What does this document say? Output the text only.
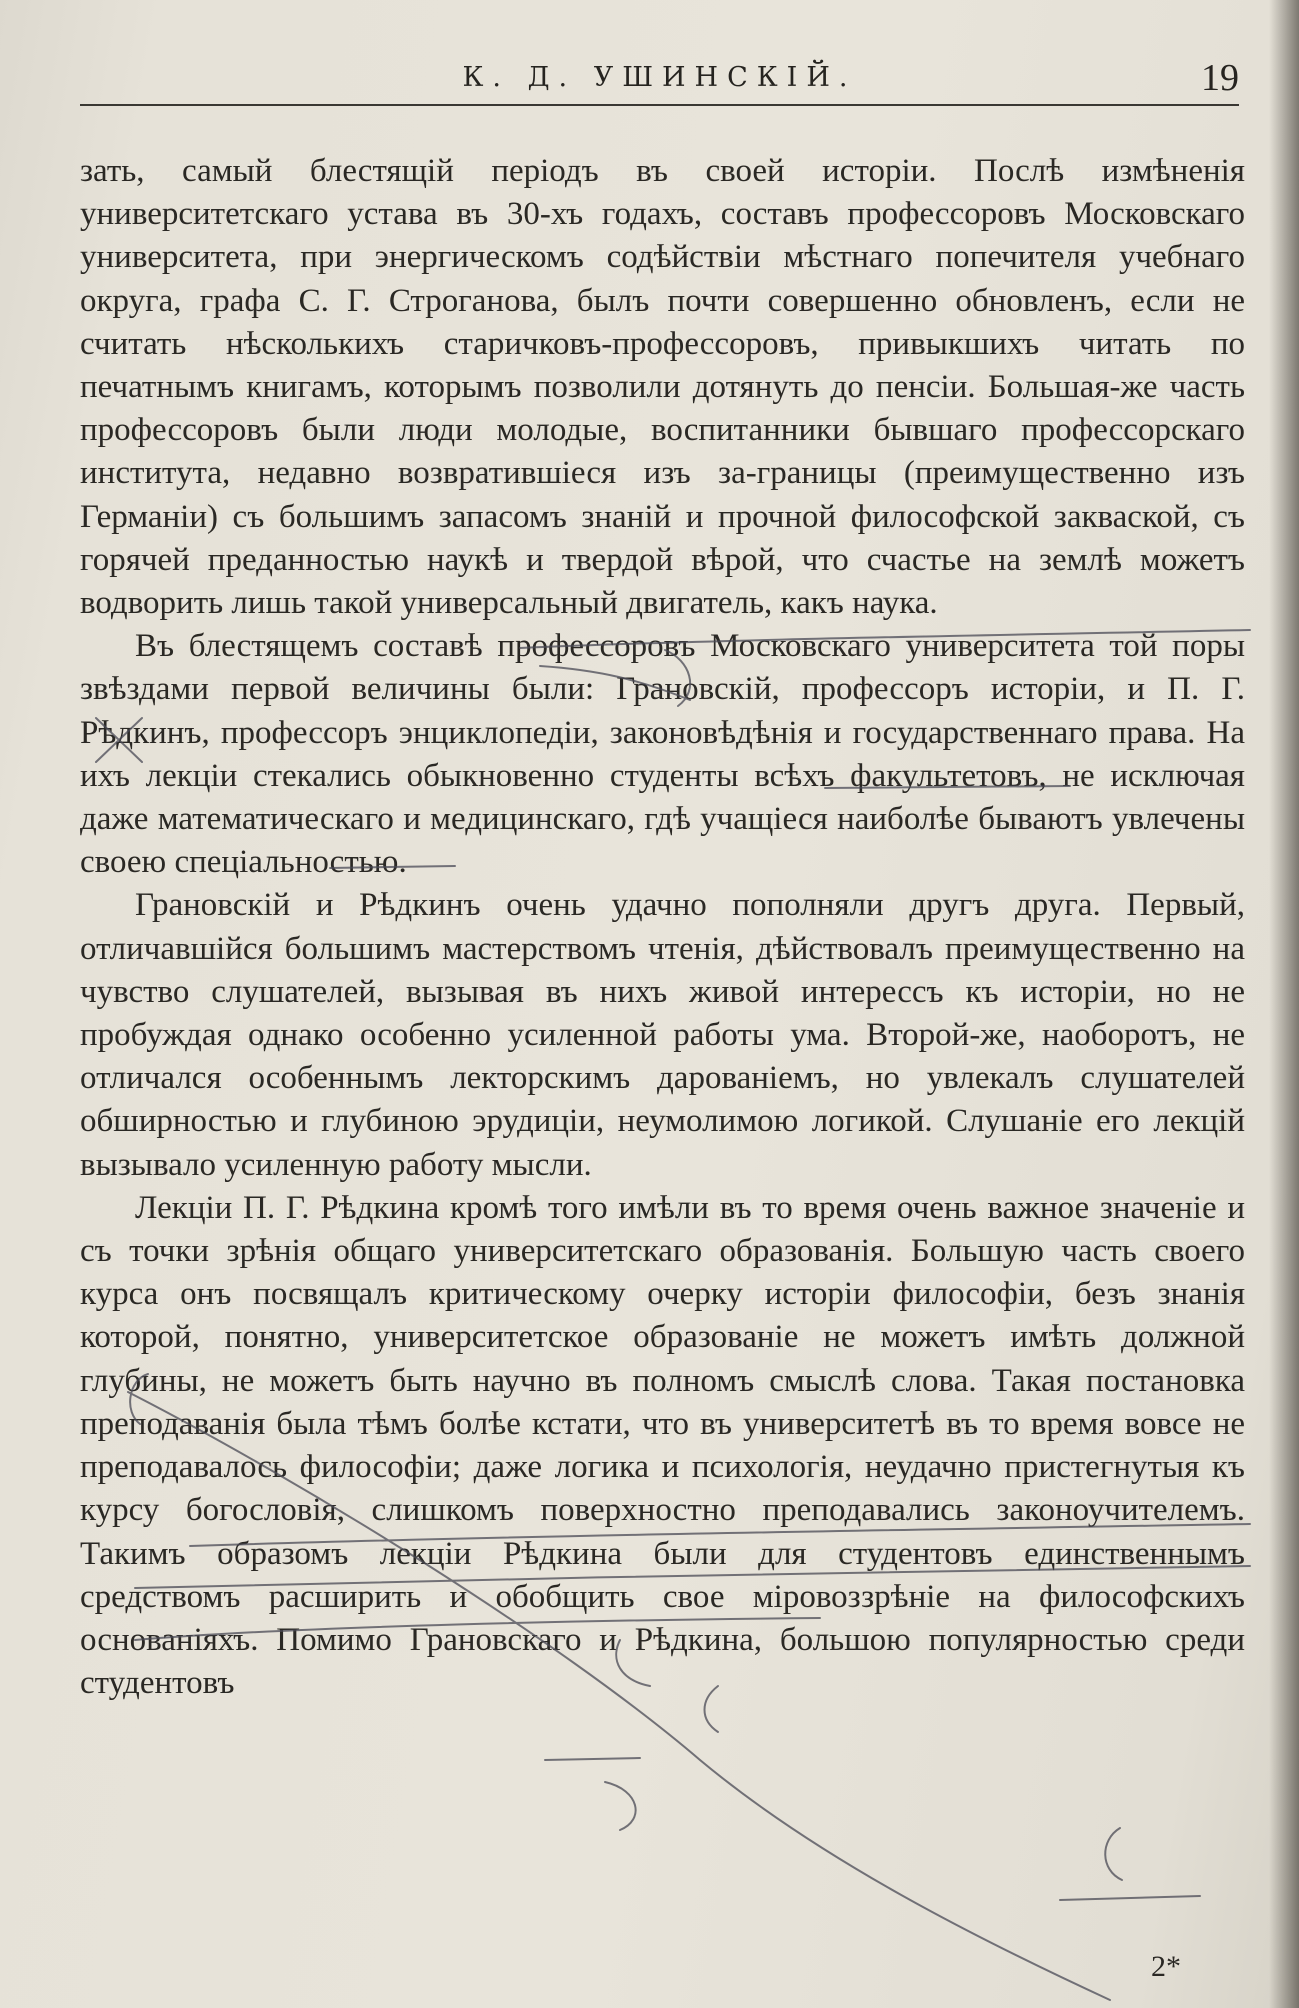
К. Д. УШИНСКІЙ.	19

зать, самый блестящій періодъ въ своей исторіи. Послѣ измѣненія университетскаго устава въ 30-хъ годахъ, составъ профессоровъ Московскаго университета, при энергическомъ содѣйствіи мѣстнаго попечителя учебнаго округа, графа С. Г. Строганова, былъ почти совершенно обновленъ, если не считать нѣсколькихъ старичковъ-профессоровъ, привыкшихъ читать по печатнымъ книгамъ, которымъ позволили дотянуть до пенсіи. Большая-же часть профессоровъ были люди молодые, воспитанники бывшаго профессорскаго института, недавно возвратившіеся изъ за-границы (преимущественно изъ Германіи) съ большимъ запасомъ знаній и прочной философской закваской, съ горячей преданностью наукѣ и твердой вѣрой, что счастье на землѣ можетъ водворить лишь такой универсальный двигатель, какъ наука.

Въ блестящемъ составѣ профессоровъ Московскаго университета той поры звѣздами первой величины были: Грановскій, профессоръ исторіи, и П. Г. Рѣдкинъ, профессоръ энциклопедіи, законовѣдѣнія и государственнаго права. На ихъ лекціи стекались обыкновенно студенты всѣхъ факультетовъ, не исключая даже математическаго и медицинскаго, гдѣ учащіеся наиболѣе бываютъ увлечены своею спеціальностью.

Грановскій и Рѣдкинъ очень удачно пополняли другъ друга. Первый, отличавшійся большимъ мастерствомъ чтенія, дѣйствовалъ преимущественно на чувство слушателей, вызывая въ нихъ живой интерессъ къ исторіи, но не пробуждая однако особенно усиленной работы ума. Второй-же, наоборотъ, не отличался особеннымъ лекторскимъ дарованіемъ, но увлекалъ слушателей обширностью и глубиною эрудиціи, неумолимою логикой. Слушаніе его лекцій вызывало усиленную работу мысли.

Лекціи П. Г. Рѣдкина кромѣ того имѣли въ то время очень важное значеніе и съ точки зрѣнія общаго университетскаго образованія. Большую часть своего курса онъ посвящалъ критическому очерку исторіи философіи, безъ знанія которой, понятно, университетское образованіе не можетъ имѣть должной глубины, не можетъ быть научно въ полномъ смыслѣ слова. Такая постановка преподаванія была тѣмъ болѣе кстати, что въ университетѣ въ то время вовсе не преподавалось философіи; даже логика и психологія, неудачно пристегнутыя къ курсу богословія, слишкомъ поверхностно преподавались законоучителемъ. Такимъ образомъ лекціи Рѣдкина были для студентовъ единственнымъ средствомъ расширить и обобщить свое міровоззрѣніе на философскихъ основаніяхъ. Помимо Грановскаго и Рѣдкина, большою популярностью среди студентовъ

2*
